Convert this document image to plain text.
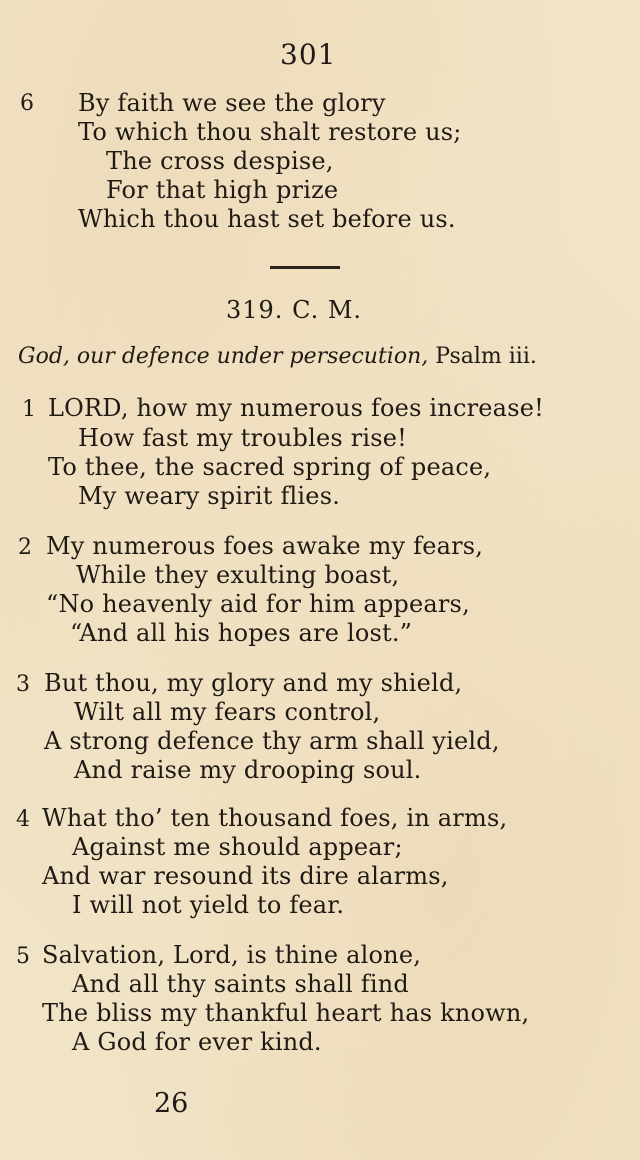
301
6 By faith we see the glory
To which thou shalt restore us;
The cross despise,
For that high prize
Which thou hast set before us.
319. C. M.
God, our defence under persecution, Psalm iii.
1 LORD, how my numerous foes increase!
How fast my troubles rise!
To thee, the sacred spring of peace,
My weary spirit flies.
2 My numerous foes awake my fears,
While they exulting boast,
“No heavenly aid for him appears,
“And all his hopes are lost.”
3 But thou, my glory and my shield,
Wilt all my fears control,
A strong defence thy arm shall yield,
And raise my drooping soul.
4 What tho’ ten thousand foes, in arms,
Against me should appear;
And war resound its dire alarms,
I will not yield to fear.
5 Salvation, Lord, is thine alone,
And all thy saints shall find
The bliss my thankful heart has known,
A God for ever kind.
26
